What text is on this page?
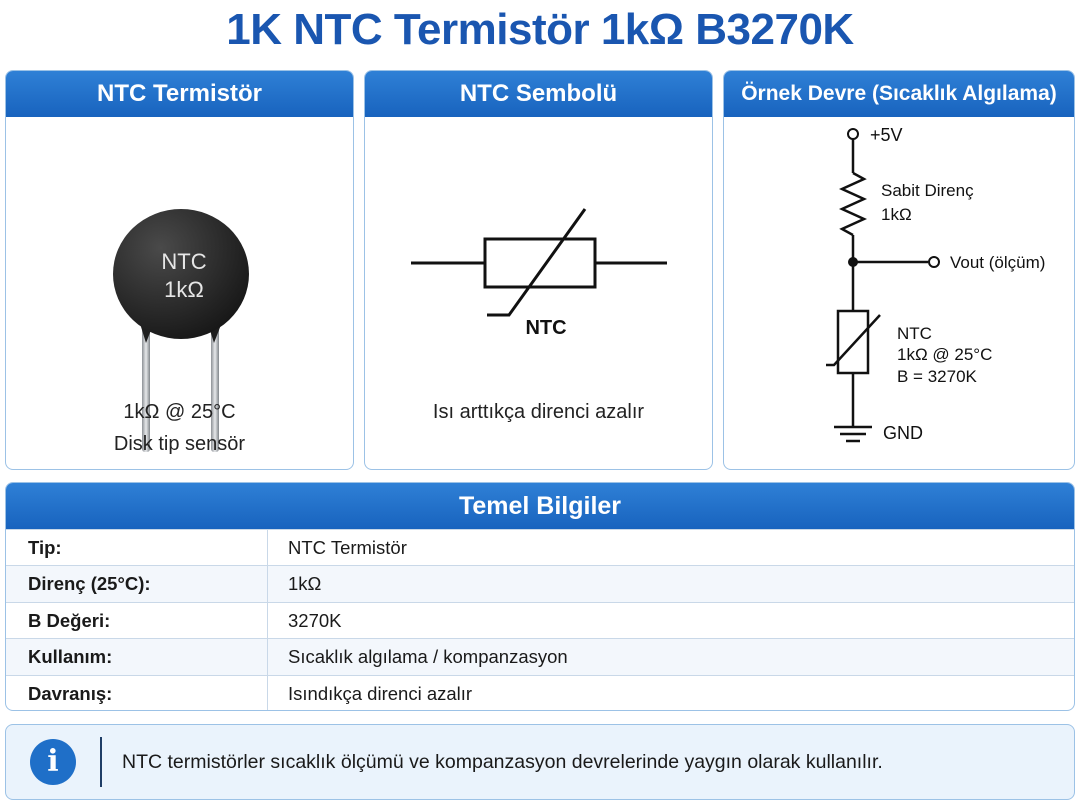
1K NTC Termistör 1kΩ B3270K
NTC Termistör
NTC
1kΩ
1kΩ @ 25°C
Disk tip sensör
NTC Sembolü
NTC
Isı arttıkça direnci azalır
Örnek Devre (Sıcaklık Algılama)
+5V
Sabit Direnç
1kΩ
Vout (ölçüm)
NTC
1kΩ @ 25°C
B = 3270K
GND
Temel Bilgiler
Tip:	NTC Termistör
Direnç (25°C):	1kΩ
B Değeri:	3270K
Kullanım:	Sıcaklık algılama / kompanzasyon
Davranış:	Isındıkça direnci azalır
i	NTC termistörler sıcaklık ölçümü ve kompanzasyon devrelerinde yaygın olarak kullanılır.
